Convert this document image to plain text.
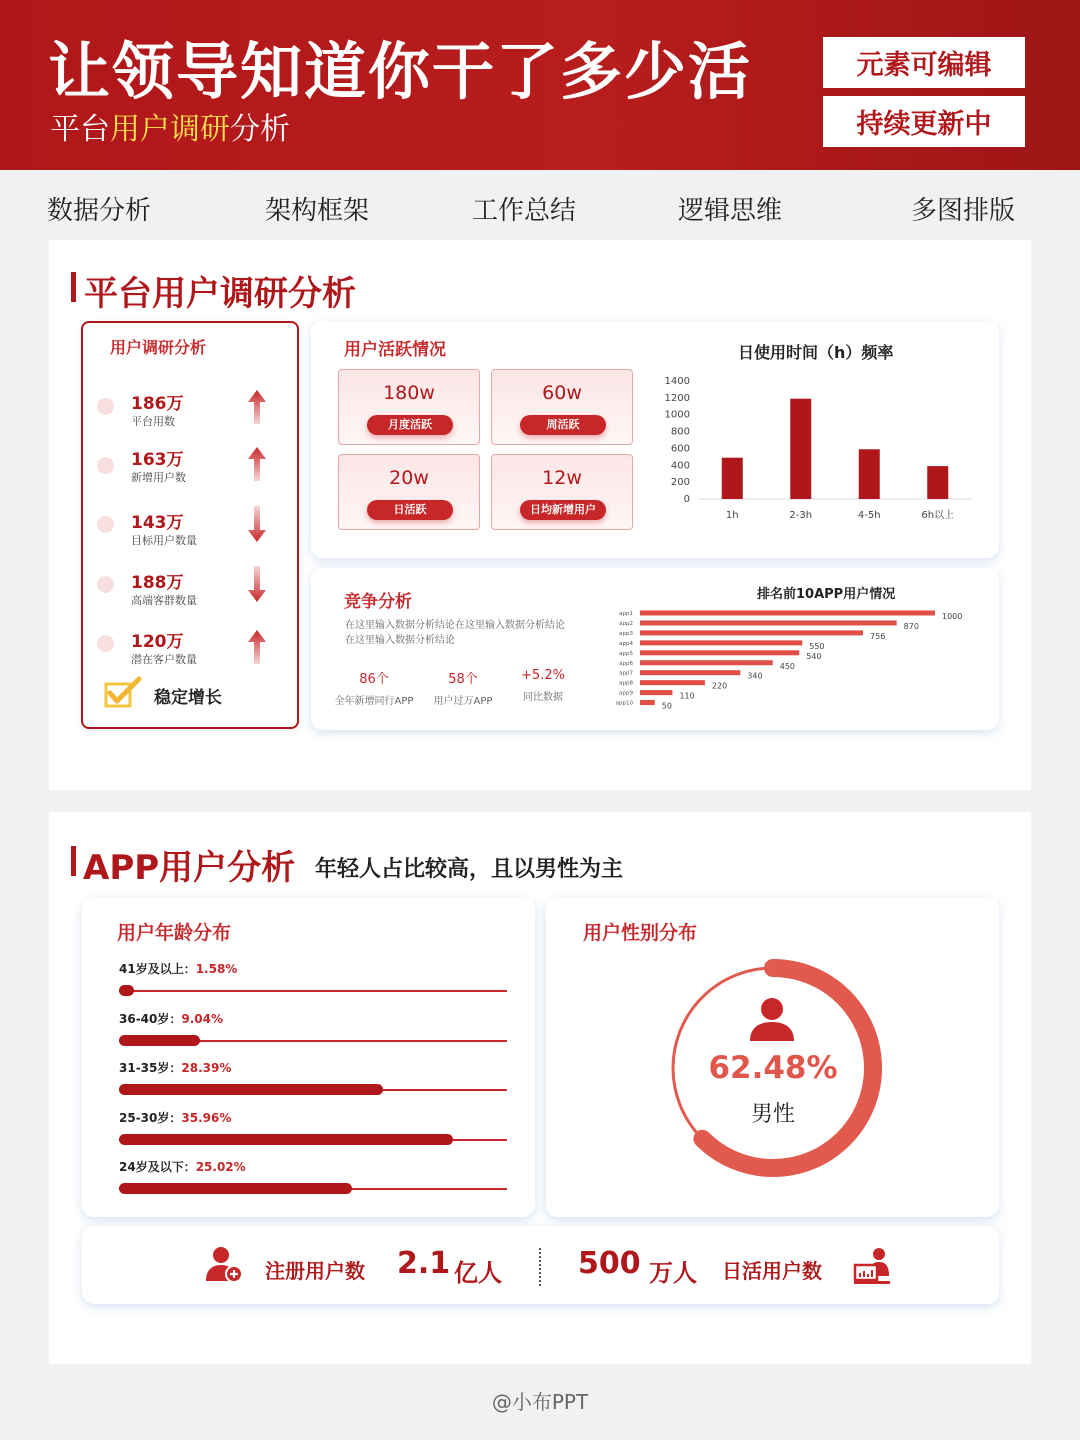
让领导知道你干了多少活
平台用户调研分析
元素可编辑
持续更新中
数据分析	架构框架	工作总结	逻辑思维	多图排版
平台用户调研分析
用户调研分析
186万
平台用数
163万
新增用户数
143万
目标用户数量
188万
高端客群数量
120万
潜在客户数量
稳定增长
用户活跃情况
180w
月度活跃
60w
周活跃
20w
日活跃
12w
日均新增用户
日使用时间（h）频率
0
200
400
600
800
1000
1200
1400
1h	2-3h	4-5h	6h以上
竞争分析
在这里输入数据分析结论在这里输入数据分析结论
在这里输入数据分析结论
86个
全年新增同行APP
58个
用户过万APP
+5.2%
同比数据
排名前10APP用户情况
app1	1000
app2	870
app3	756
app4	550
app5	540
app6	450
app7	340
app8	220
app9	110
app10	50
APP用户分析 年轻人占比较高，且以男性为主
用户年龄分布
41岁及以上：1.58%
36-40岁：9.04%
31-35岁：28.39%
25-30岁：35.96%
24岁及以下：25.02%
用户性别分布
62.48%
男性
注册用户数 2.1 亿人	500 万人 日活用户数
@小布PPT
